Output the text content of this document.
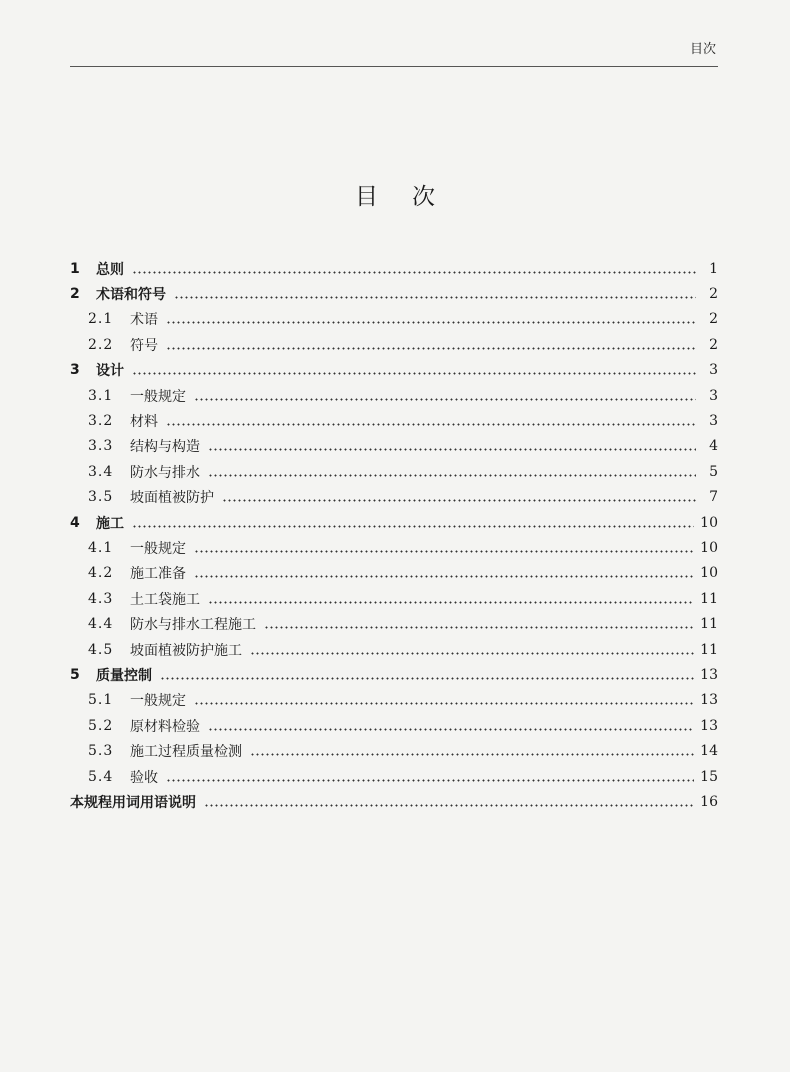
目次
目次
1	总则	1
2	术语和符号	2
2.1	术语	2
2.2	符号	2
3	设计	3
3.1	一般规定	3
3.2	材料	3
3.3	结构与构造	4
3.4	防水与排水	5
3.5	坡面植被防护	7
4	施工	10
4.1	一般规定	10
4.2	施工准备	10
4.3	土工袋施工	11
4.4	防水与排水工程施工	11
4.5	坡面植被防护施工	11
5	质量控制	13
5.1	一般规定	13
5.2	原材料检验	13
5.3	施工过程质量检测	14
5.4	验收	15
本规程用词用语说明	16
